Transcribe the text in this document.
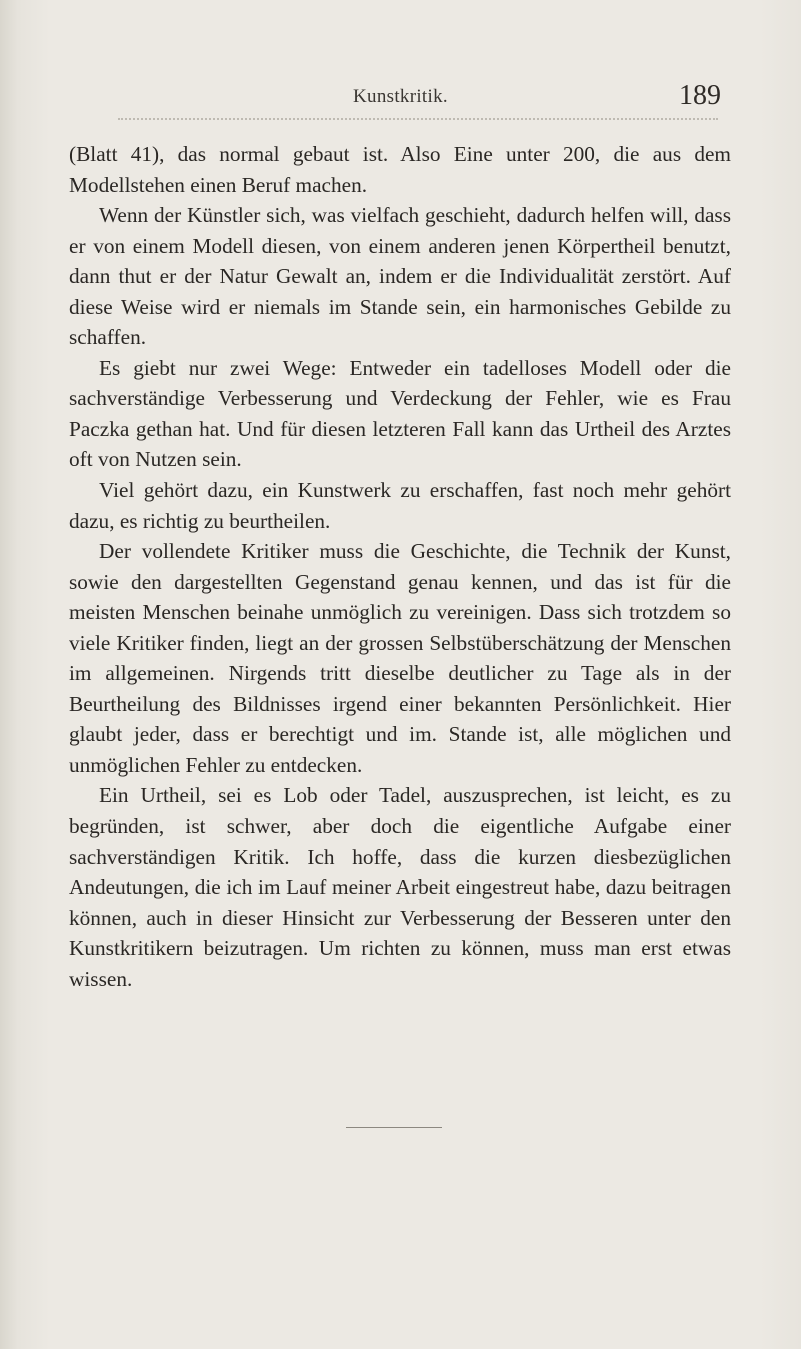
Kunstkritik.	189

(Blatt 41), das normal gebaut ist. Also Eine unter 200, die aus dem Modellstehen einen Beruf machen.

Wenn der Künstler sich, was vielfach geschieht, dadurch helfen will, dass er von einem Modell diesen, von einem anderen jenen Körpertheil benutzt, dann thut er der Natur Gewalt an, indem er die Individualität zerstört. Auf diese Weise wird er niemals im Stande sein, ein harmonisches Gebilde zu schaffen.

Es giebt nur zwei Wege: Entweder ein tadelloses Modell oder die sachverständige Verbesserung und Verdeckung der Fehler, wie es Frau Paczka gethan hat. Und für diesen letzteren Fall kann das Urtheil des Arztes oft von Nutzen sein.

Viel gehört dazu, ein Kunstwerk zu erschaffen, fast noch mehr gehört dazu, es richtig zu beurtheilen.

Der vollendete Kritiker muss die Geschichte, die Technik der Kunst, sowie den dargestellten Gegenstand genau kennen, und das ist für die meisten Menschen beinahe unmöglich zu vereinigen. Dass sich trotzdem so viele Kritiker finden, liegt an der grossen Selbstüberschätzung der Menschen im allgemeinen. Nirgends tritt dieselbe deutlicher zu Tage als in der Beurtheilung des Bildnisses irgend einer bekannten Persönlichkeit. Hier glaubt jeder, dass er berechtigt und im. Stande ist, alle möglichen und unmöglichen Fehler zu entdecken.

Ein Urtheil, sei es Lob oder Tadel, auszusprechen, ist leicht, es zu begründen, ist schwer, aber doch die eigentliche Aufgabe einer sachverständigen Kritik. Ich hoffe, dass die kurzen diesbezüglichen Andeutungen, die ich im Lauf meiner Arbeit eingestreut habe, dazu beitragen können, auch in dieser Hinsicht zur Verbesserung der Besseren unter den Kunstkritikern beizutragen. Um richten zu können, muss man erst etwas wissen.
